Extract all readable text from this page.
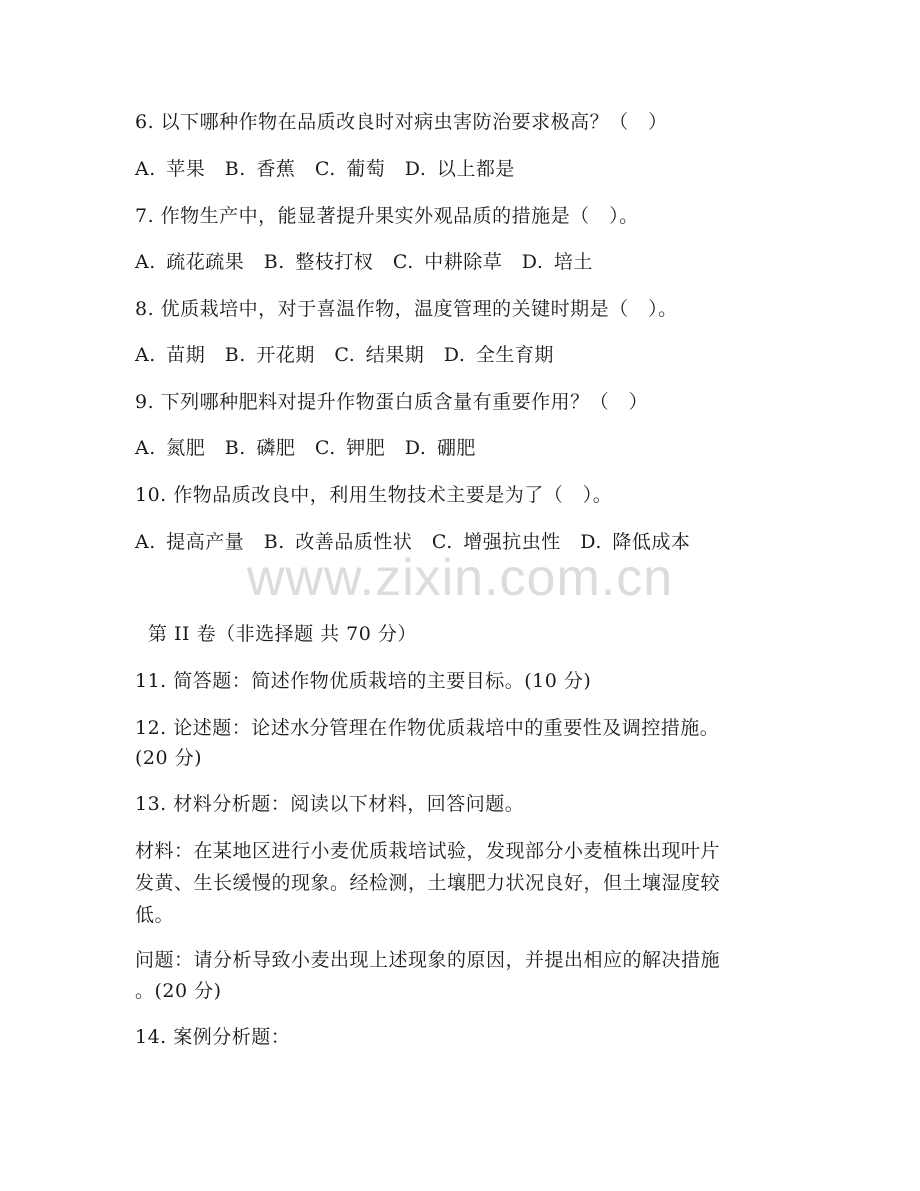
6. 以下哪种作物在品质改良时对病虫害防治要求极高？（　）
A. 苹果　B. 香蕉　C. 葡萄　D. 以上都是
7. 作物生产中，能显著提升果实外观品质的措施是（　）。
A. 疏花疏果　B. 整枝打杈　C. 中耕除草　D. 培土
8. 优质栽培中，对于喜温作物，温度管理的关键时期是（　）。
A. 苗期　B. 开花期　C. 结果期　D. 全生育期
9. 下列哪种肥料对提升作物蛋白质含量有重要作用？（　）
A. 氮肥　B. 磷肥　C. 钾肥　D. 硼肥
10. 作物品质改良中，利用生物技术主要是为了（　）。
A. 提高产量　B. 改善品质性状　C. 增强抗虫性　D. 降低成本
www.zixin.com.cn
第 II 卷（非选择题 共 70 分）
11. 简答题：简述作物优质栽培的主要目标。(10 分)
12. 论述题：论述水分管理在作物优质栽培中的重要性及调控措施。
(20 分)
13. 材料分析题：阅读以下材料，回答问题。
材料：在某地区进行小麦优质栽培试验，发现部分小麦植株出现叶片
发黄、生长缓慢的现象。经检测，土壤肥力状况良好，但土壤湿度较
低。
问题：请分析导致小麦出现上述现象的原因，并提出相应的解决措施
。(20 分)
14. 案例分析题：
